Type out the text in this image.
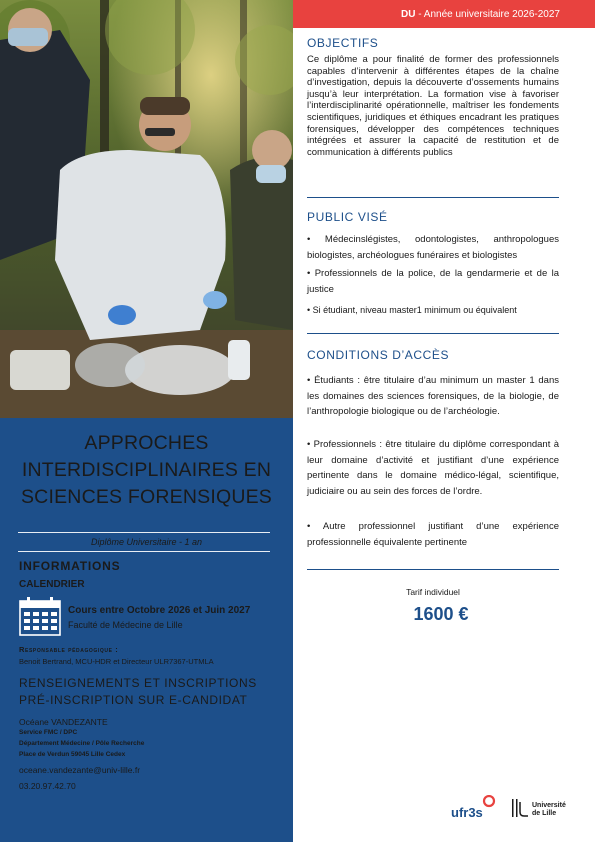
APPROCHES
INTERDISCIPLINAIRES EN
SCIENCES FORENSIQUES
Diplôme Universitaire - 1 an
INFORMATIONS
CALENDRIER
Cours entre Octobre 2026 et Juin 2027
Faculté de Médecine de Lille
Responsable pédagogique :
Benoit Bertrand, MCU-HDR et Directeur ULR7367-UTMLA
RENSEIGNEMENTS ET INSCRIPTIONS
PRÉ-INSCRIPTION SUR E-CANDIDAT
Océane VANDEZANTE
Service FMC / DPC
Département Médecine / Pôle Recherche
Place de Verdun 59045 Lille Cedex
oceane.vandezante@univ-lille.fr
03.20.97.42.70
DU - Année universitaire 2026-2027
OBJECTIFS
Ce diplôme a pour finalité de former des professionnels capables d’intervenir à différentes étapes de la chaîne d’investigation, depuis la découverte d’ossements humains jusqu’à leur interprétation. La formation vise à favoriser l’interdisciplinarité opérationnelle, maîtriser les fondements scientifiques, juridiques et éthiques encadrant les pratiques forensiques, développer des compétences techniques intégrées et assurer la capacité de restitution et de communication à différents publics
PUBLIC VISÉ
• Médecinslégistes, odontologistes, anthropologues biologistes, archéologues funéraires et biologistes
• Professionnels de la police, de la gendarmerie et de la justice
• Si étudiant, niveau master1 minimum ou équivalent
CONDITIONS D’ACCÈS
• Étudiants : être titulaire d’au minimum un master 1 dans les domaines des sciences forensiques, de la biologie, de l’anthropologie biologique ou de l’archéologie.
• Professionnels : être titulaire du diplôme correspondant à leur domaine d’activité et justifiant d’une expérience pertinente dans le domaine médico-légal, scientifique, judiciaire ou au sein des forces de l’ordre.
• Autre professionnel justifiant d’une expérience professionnelle équivalente pertinente
Tarif individuel
1600 €
ufr3s	Université
de Lille
